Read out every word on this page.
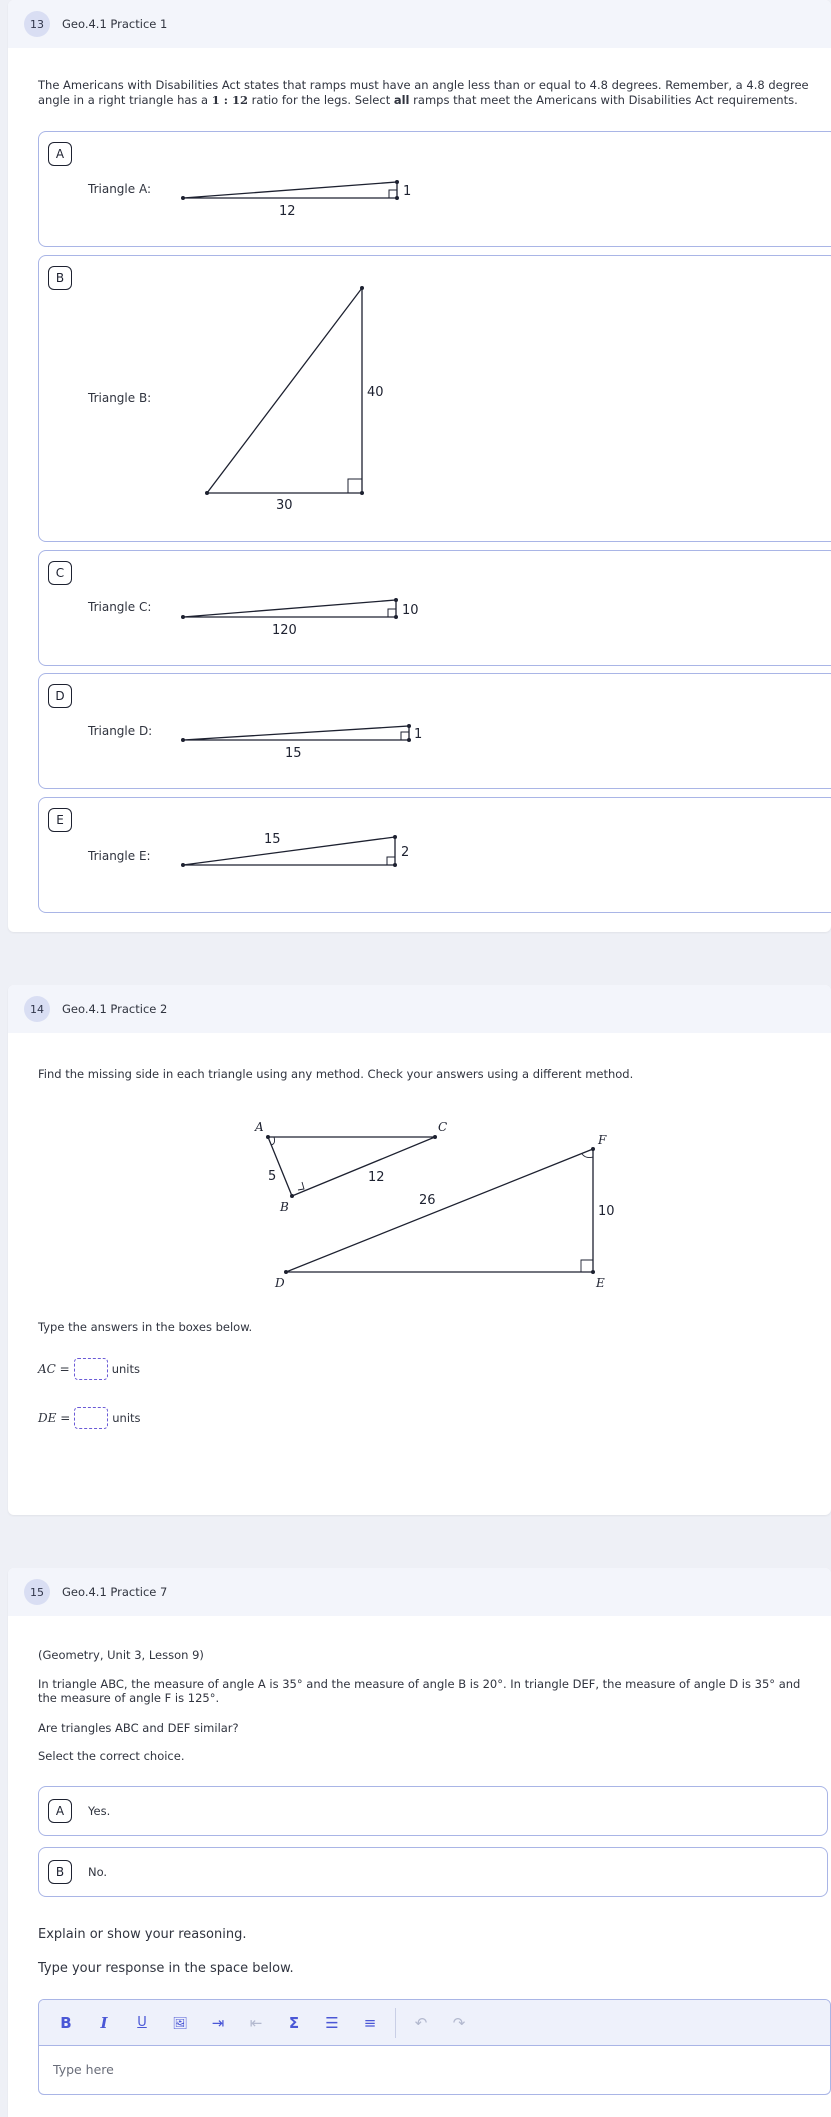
13	Geo.4.1 Practice 1
The Americans with Disabilities Act states that ramps must have an angle less than or equal to 4.8 degrees. Remember, a 4.8 degree angle in a right triangle has a 1 : 12 ratio for the legs. Select all ramps that meet the Americans with Disabilities Act requirements.
A
Triangle A:
12
1
B
Triangle B:
30
40
C
Triangle C:
120
10
D
Triangle D:
15
1
E
Triangle E:
15
2
14	Geo.4.1 Practice 2
Find the missing side in each triangle using any method. Check your answers using a different method.
A	C
B
5	12
D	E
F
26
10
Type the answers in the boxes below.
AC =	units
DE =	units
15	Geo.4.1 Practice 7
(Geometry, Unit 3, Lesson 9)
In triangle ABC, the measure of angle A is 35° and the measure of angle B is 20°. In triangle DEF, the measure of angle D is 35° and the measure of angle F is 125°.
Are triangles ABC and DEF similar?
Select the correct choice.
A	Yes.
B	No.
Explain or show your reasoning.
Type your response in the space below.
B	I	U	🖼	⇥	⇤	Σ	☰	≡	↶	↷
Type here
